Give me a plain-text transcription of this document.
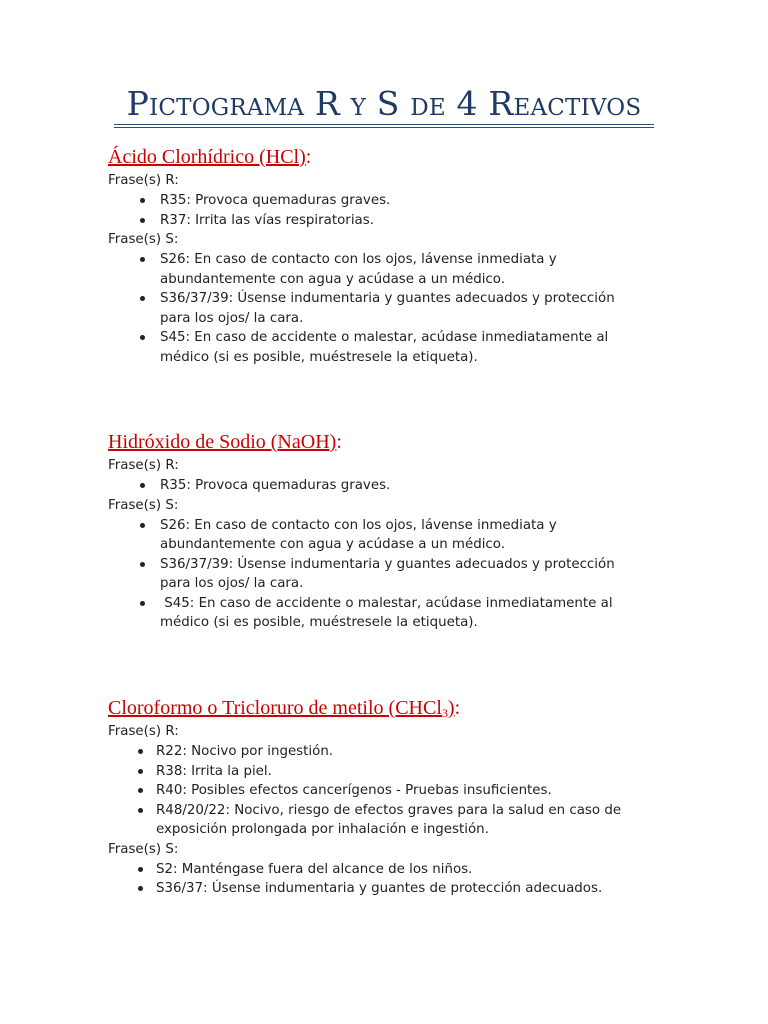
Pictograma R y S de 4 Reactivos

Ácido Clorhídrico (HCl):

Frase(s) R:

R35: Provoca quemaduras graves.
R37: Irrita las vías respiratorias.

Frase(s) S:

S26: En caso de contacto con los ojos, lávense inmediata y abundantemente con agua y acúdase a un médico.
S36/37/39: Úsense indumentaria y guantes adecuados y protección para los ojos/ la cara.
S45: En caso de accidente o malestar, acúdase inmediatamente al médico (si es posible, muéstresele la etiqueta).

Hidróxido de Sodio (NaOH):

Frase(s) R:

R35: Provoca quemaduras graves.

Frase(s) S:

S26: En caso de contacto con los ojos, lávense inmediata y abundantemente con agua y acúdase a un médico.
S36/37/39: Úsense indumentaria y guantes adecuados y protección para los ojos/ la cara.
S45: En caso de accidente o malestar, acúdase inmediatamente al médico (si es posible, muéstresele la etiqueta).

Cloroformo o Tricloruro de metilo (CHCl$_3$):

Frase(s) R:

R22: Nocivo por ingestión.
R38: Irrita la piel.
R40: Posibles efectos cancerígenos - Pruebas insuficientes.
R48/20/22: Nocivo, riesgo de efectos graves para la salud en caso de exposición prolongada por inhalación e ingestión.

Frase(s) S:

S2: Manténgase fuera del alcance de los niños.
S36/37: Úsense indumentaria y guantes de protección adecuados.
